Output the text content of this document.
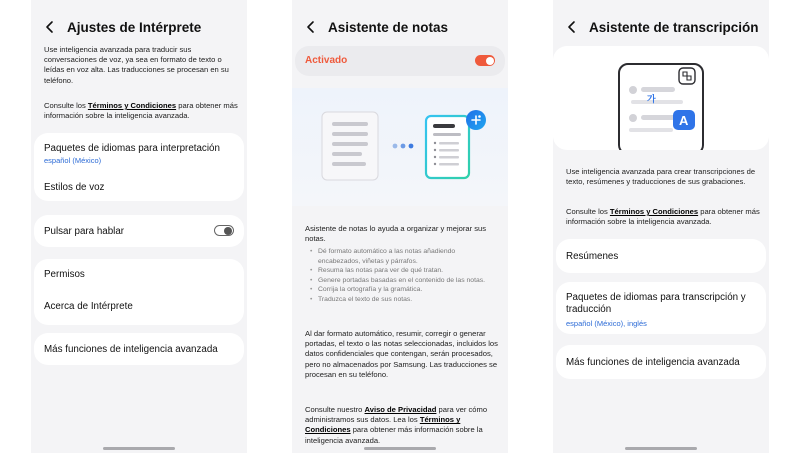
Ajustes de Intérprete
Use inteligencia avanzada para traducir sus conversaciones de voz, ya sea en formato de texto o leídas en voz alta. Las traducciones se procesan en su teléfono.
Consulte los Términos y Condiciones para obtener más información sobre la inteligencia avanzada.
Paquetes de idiomas para interpretación
español (México)
Estilos de voz
Pulsar para hablar
Permisos
Acerca de Intérprete
Más funciones de inteligencia avanzada
Asistente de notas
Activado
Asistente de notas lo ayuda a organizar y mejorar sus notas.
• Dé formato automático a las notas añadiendo encabezados, viñetas y párrafos.
• Resuma las notas para ver de qué tratan.
• Genere portadas basadas en el contenido de las notas.
• Corrija la ortografía y la gramática.
• Traduzca el texto de sus notas.
Al dar formato automático, resumir, corregir o generar portadas, el texto o las notas seleccionadas, incluidos los datos confidenciales que contengan, serán procesados, pero no almacenados por Samsung. Las traducciones se procesan en su teléfono.
Consulte nuestro Aviso de Privacidad para ver cómo administramos sus datos. Lea los Términos y Condiciones para obtener más información sobre la inteligencia avanzada.
Asistente de transcripción
가
A
Use inteligencia avanzada para crear transcripciones de texto, resúmenes y traducciones de sus grabaciones.
Consulte los Términos y Condiciones para obtener más información sobre la inteligencia avanzada.
Resúmenes
Paquetes de idiomas para transcripción y traducción
español (México), inglés
Más funciones de inteligencia avanzada
